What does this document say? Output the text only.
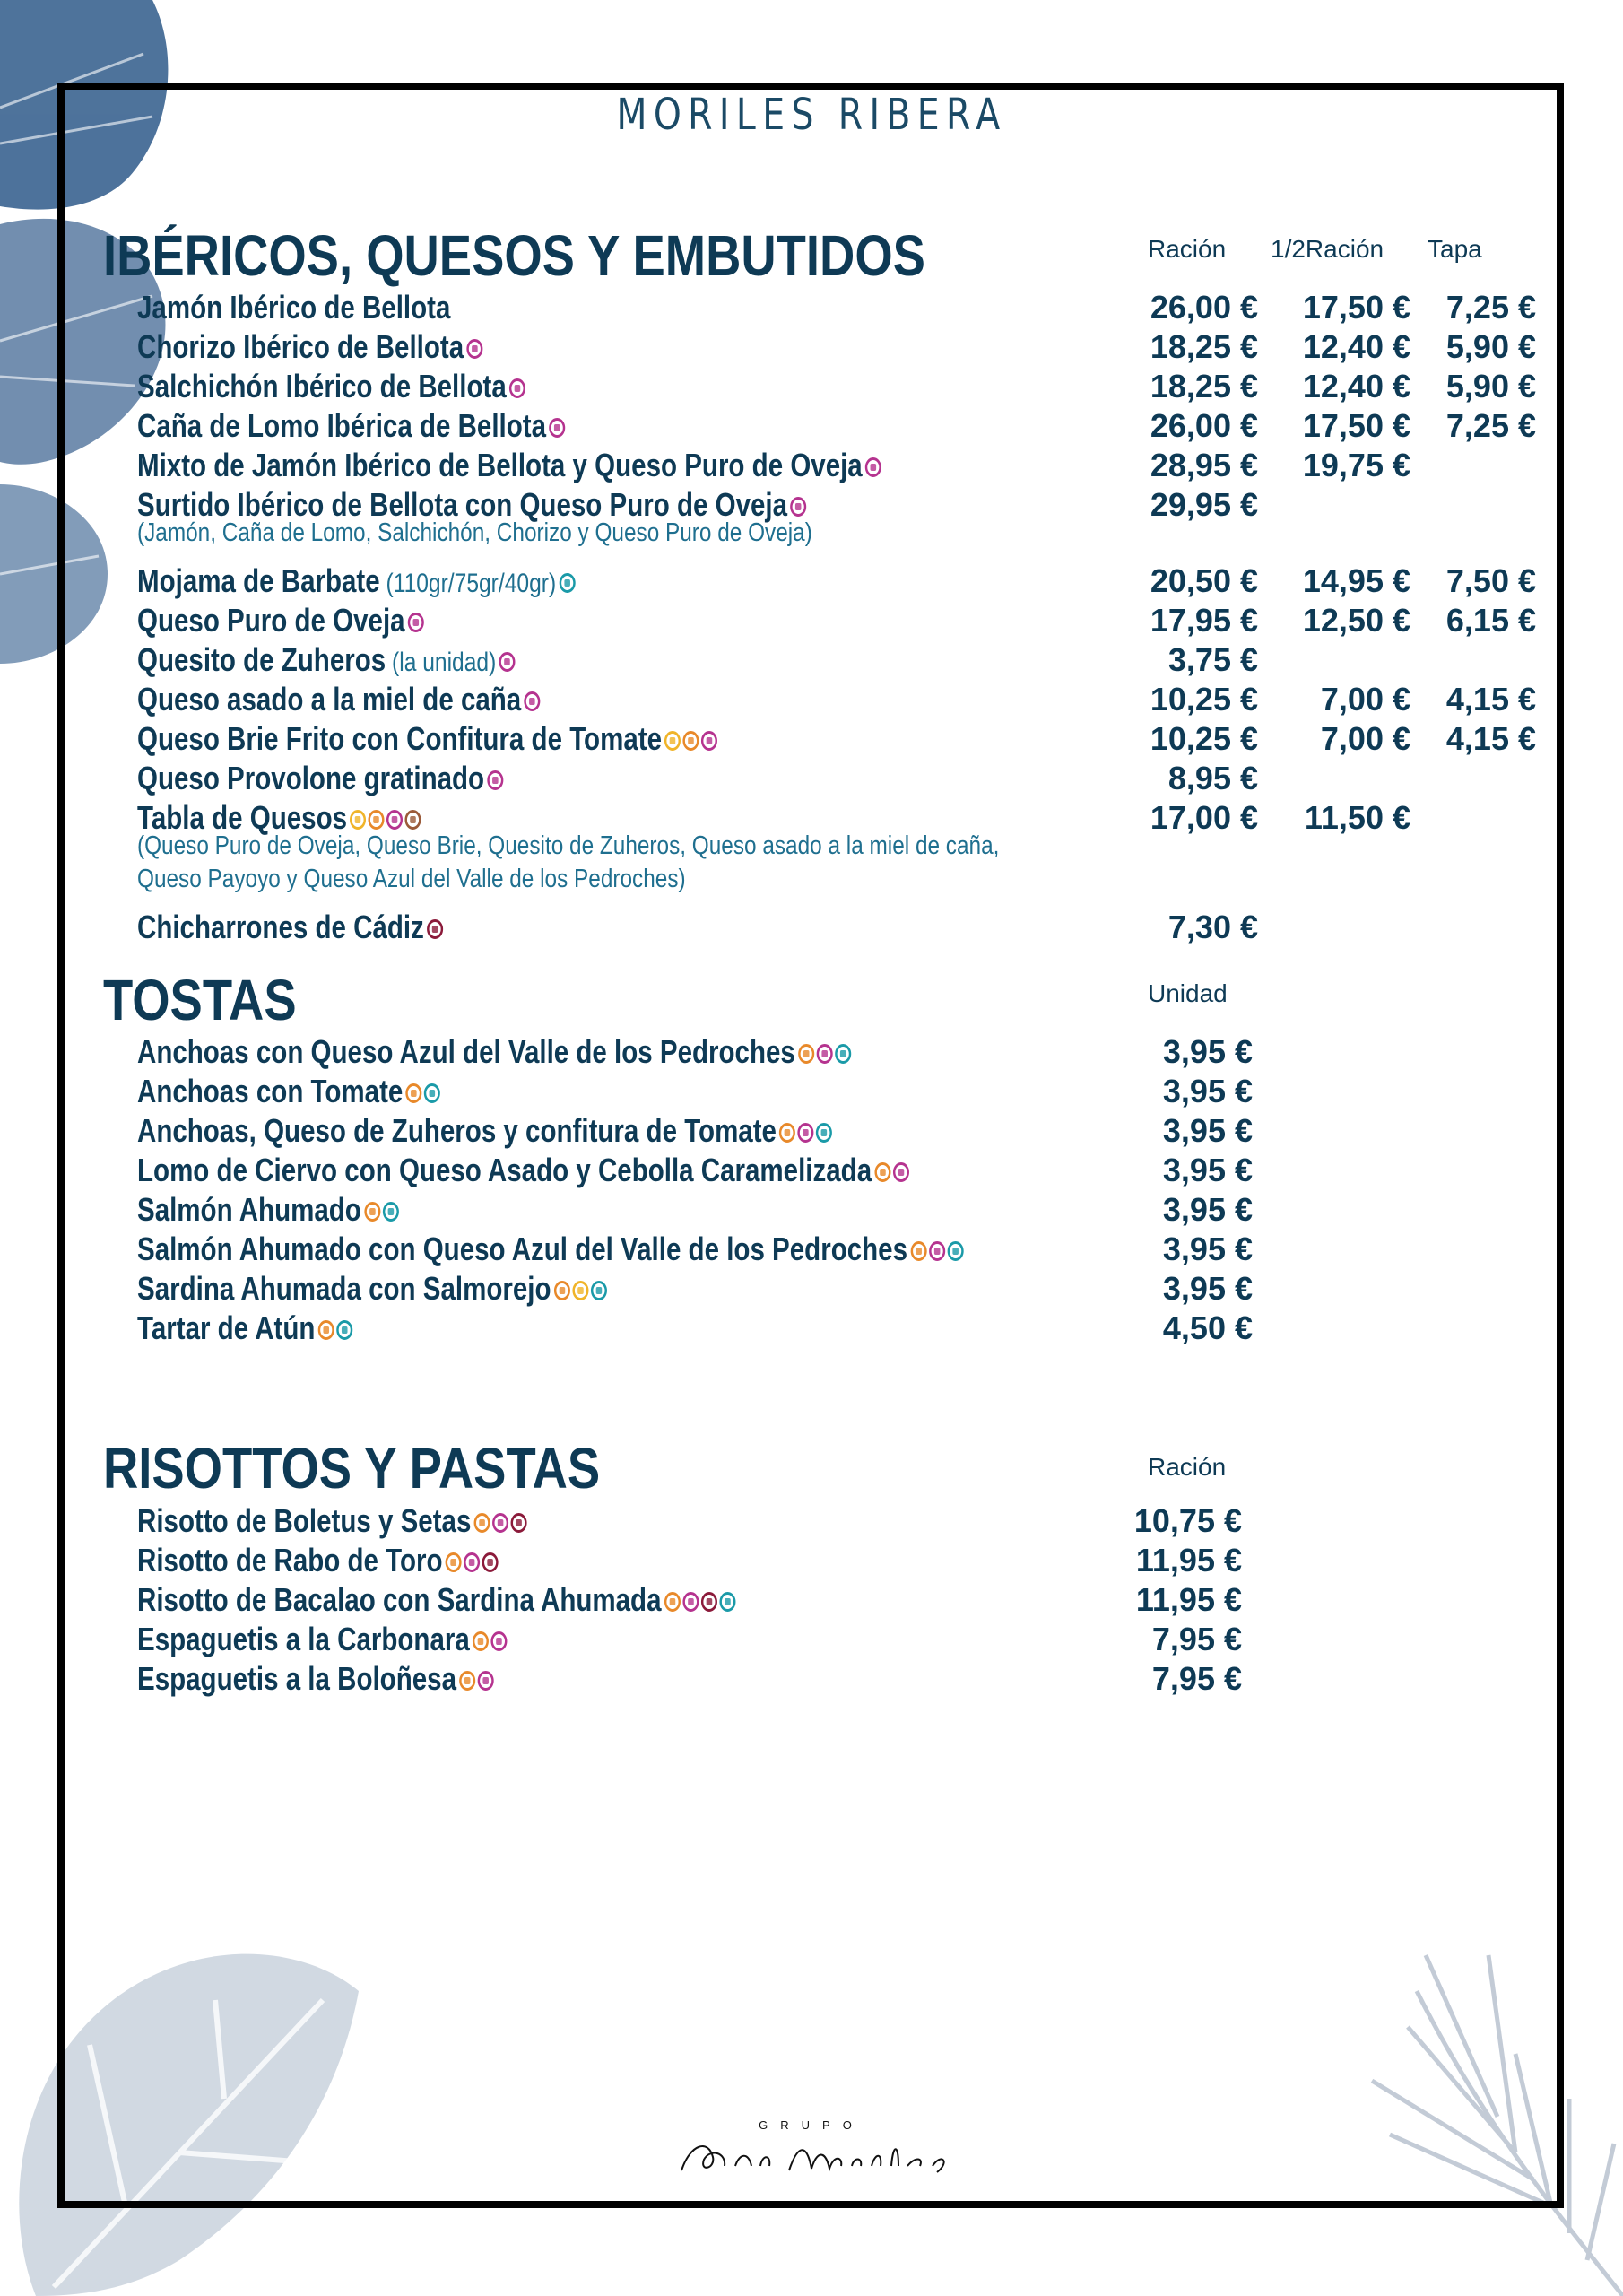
MORILES RIBERA
IBÉRICOS, QUESOS Y EMBUTIDOS	Ración 1/2Ración Tapa
Jamón Ibérico de Bellota	26,00 €	17,50 €	7,25 €
Chorizo Ibérico de Bellota	18,25 €	12,40 €	5,90 €
Salchichón Ibérico de Bellota	18,25 €	12,40 €	5,90 €
Caña de Lomo Ibérica de Bellota	26,00 €	17,50 €	7,25 €
Mixto de Jamón Ibérico de Bellota y Queso Puro de Oveja	28,95 €	19,75 €
Surtido Ibérico de Bellota con Queso Puro de Oveja	29,95 €
(Jamón, Caña de Lomo, Salchichón, Chorizo y Queso Puro de Oveja)
Mojama de Barbate (110gr/75gr/40gr)	20,50 €	14,95 €	7,50 €
Queso Puro de Oveja	17,95 €	12,50 €	6,15 €
Quesito de Zuheros (la unidad)	3,75 €
Queso asado a la miel de caña	10,25 €	7,00 €	4,15 €
Queso Brie Frito con Confitura de Tomate	10,25 €	7,00 €	4,15 €
Queso Provolone gratinado	8,95 €
Tabla de Quesos	17,00 €	11,50 €
(Queso Puro de Oveja, Queso Brie, Quesito de Zuheros, Queso asado a la miel de caña,
Queso Payoyo y Queso Azul del Valle de los Pedroches)
Chicharrones de Cádiz	7,30 €
TOSTAS	Unidad
Anchoas con Queso Azul del Valle de los Pedroches	3,95 €
Anchoas con Tomate	3,95 €
Anchoas, Queso de Zuheros y confitura de Tomate	3,95 €
Lomo de Ciervo con Queso Asado y Cebolla Caramelizada	3,95 €
Salmón Ahumado	3,95 €
Salmón Ahumado con Queso Azul del Valle de los Pedroches	3,95 €
Sardina Ahumada con Salmorejo	3,95 €
Tartar de Atún	4,50 €
RISOTTOS Y PASTAS	Ración
Risotto de Boletus y Setas	10,75 €
Risotto de Rabo de Toro	11,95 €
Risotto de Bacalao con Sardina Ahumada	11,95 €
Espaguetis a la Carbonara	7,95 €
Espaguetis a la Boloñesa	7,95 €
GRUPO
